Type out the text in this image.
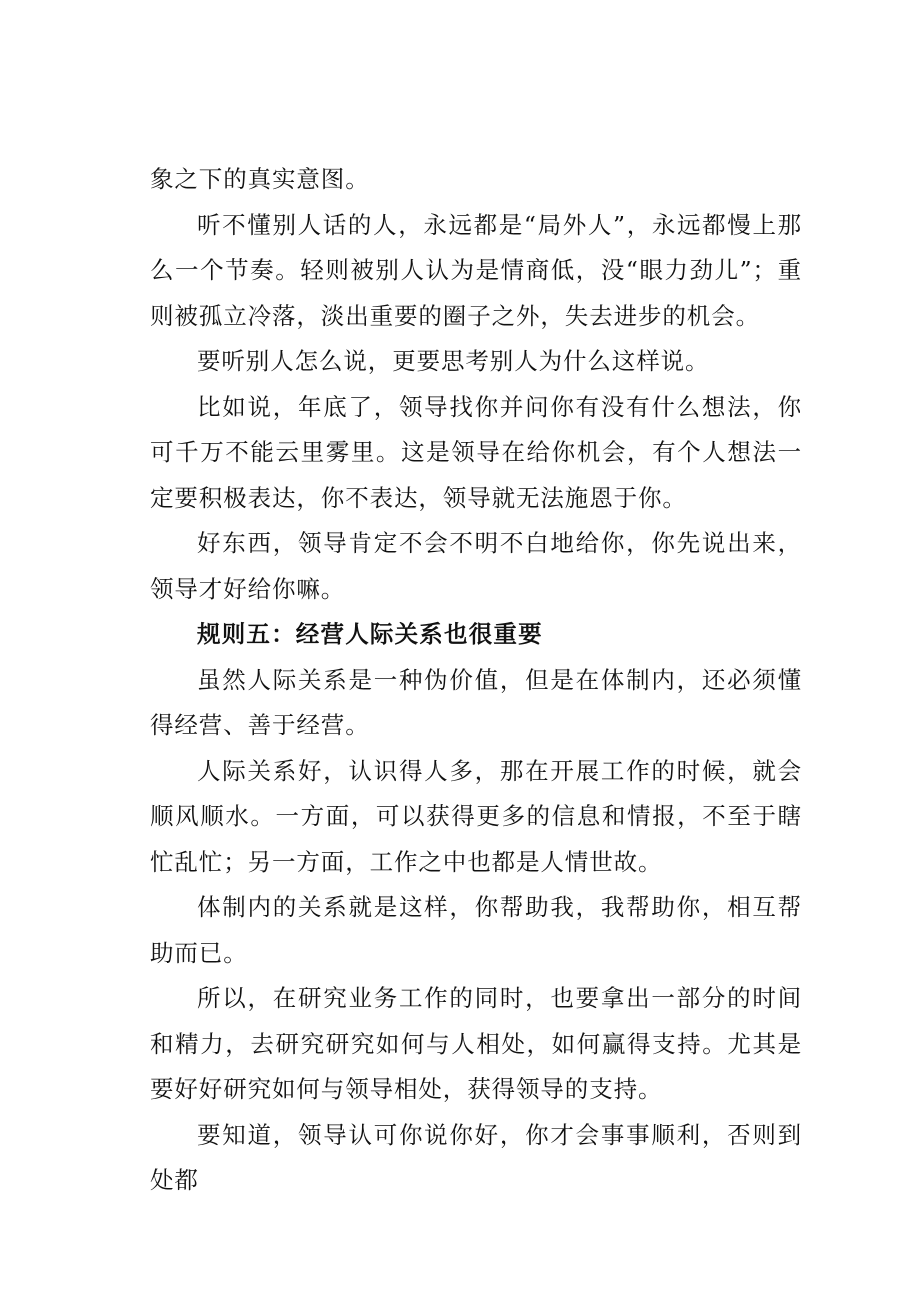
象之下的真实意图。

听不懂别人话的人，永远都是“局外人”，永远都慢上那么一个节奏。轻则被别人认为是情商低，没“眼力劲儿”；重则被孤立冷落，淡出重要的圈子之外，失去进步的机会。

要听别人怎么说，更要思考别人为什么这样说。

比如说，年底了，领导找你并问你有没有什么想法，你可千万不能云里雾里。这是领导在给你机会，有个人想法一定要积极表达，你不表达，领导就无法施恩于你。

好东西，领导肯定不会不明不白地给你，你先说出来，领导才好给你嘛。

规则五：经营人际关系也很重要

虽然人际关系是一种伪价值，但是在体制内，还必须懂得经营、善于经营。

人际关系好，认识得人多，那在开展工作的时候，就会顺风顺水。一方面，可以获得更多的信息和情报，不至于瞎忙乱忙；另一方面，工作之中也都是人情世故。

体制内的关系就是这样，你帮助我，我帮助你，相互帮助而已。

所以，在研究业务工作的同时，也要拿出一部分的时间和精力，去研究研究如何与人相处，如何赢得支持。尤其是要好好研究如何与领导相处，获得领导的支持。

要知道，领导认可你说你好，你才会事事顺利，否则到处都
